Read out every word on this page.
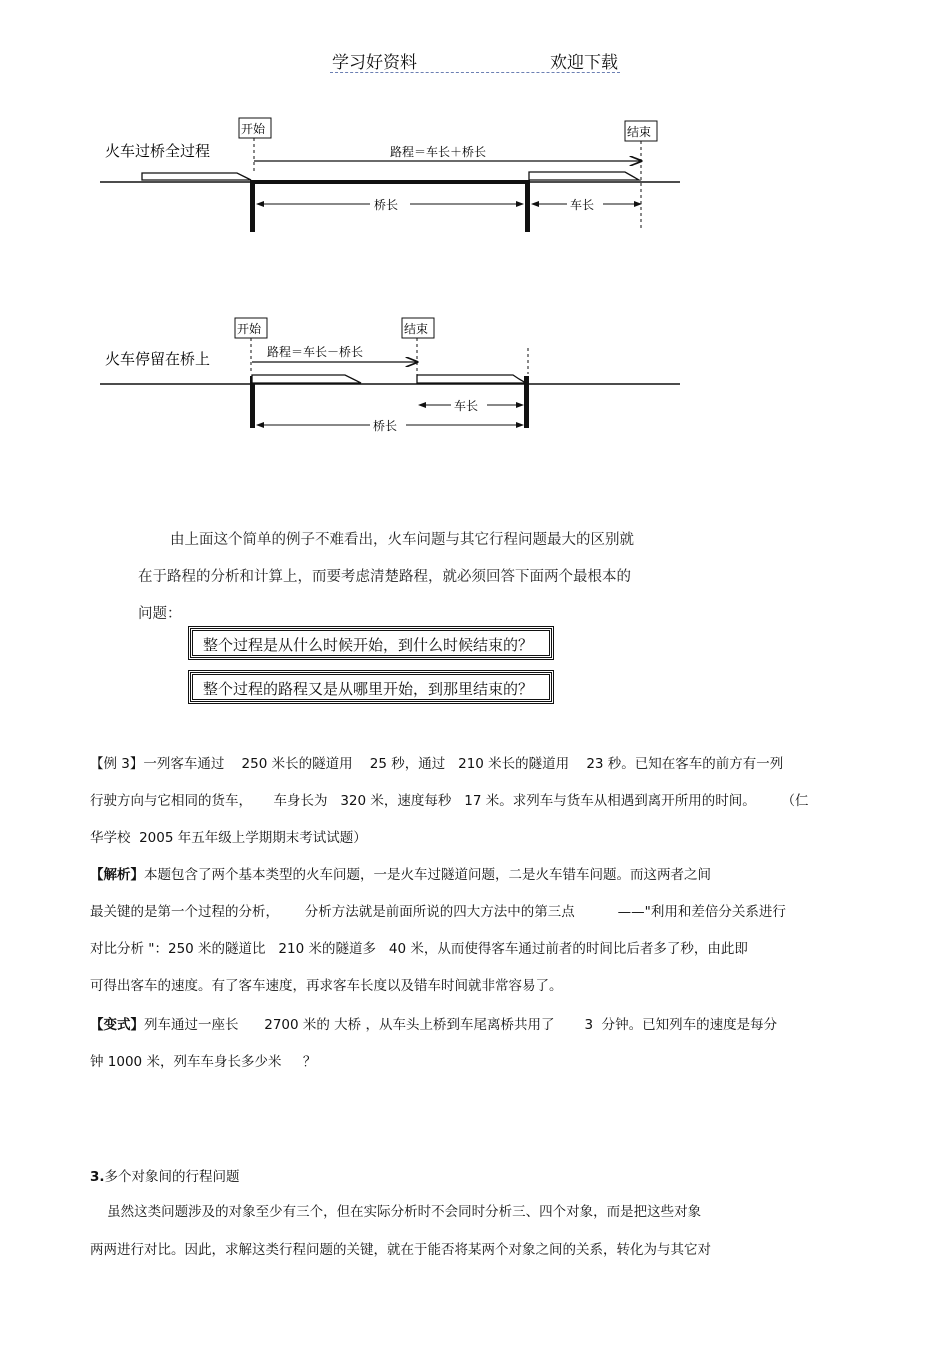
学习好资料	欢迎下载
火车过桥全过程
开始	结束
路程＝车长＋桥长
桥长	车长
火车停留在桥上
开始	结束
路程＝车长－桥长
车长
桥长
由上面这个简单的例子不难看出，火车问题与其它行程问题最大的区别就
在于路程的分析和计算上，而要考虑清楚路程，就必须回答下面两个最根本的
问题：
整个过程是从什么时候开始，到什么时候结束的？
整个过程的路程又是从哪里开始，到那里结束的？
【例 3】一列客车通过    250 米长的隧道用    25 秒，通过   210 米长的隧道用    23 秒。已知在客车的前方有一列
行驶方向与它相同的货车，     车身长为   320 米，速度每秒   17 米。求列车与货车从相遇到离开所用的时间。      （仁
华学校  2005 年五年级上学期期末考试试题）
【解析】本题包含了两个基本类型的火车问题，一是火车过隧道问题，二是火车错车问题。而这两者之间
最关键的是第一个过程的分析，      分析方法就是前面所说的四大方法中的第三点          ——"利用和差倍分关系进行
对比分析 "：250 米的隧道比   210 米的隧道多   40 米，从而使得客车通过前者的时间比后者多了秒，由此即
可得出客车的速度。有了客车速度，再求客车长度以及错车时间就非常容易了。
【变式】列车通过一座长      2700 米的 大桥 ，从车头上桥到车尾离桥共用了       3  分钟。已知列车的速度是每分
钟 1000 米，列车车身长多少米     ？
3.多个对象间的行程问题
虽然这类问题涉及的对象至少有三个，但在实际分析时不会同时分析三、四个对象，而是把这些对象
两两进行对比。因此，求解这类行程问题的关键，就在于能否将某两个对象之间的关系，转化为与其它对
